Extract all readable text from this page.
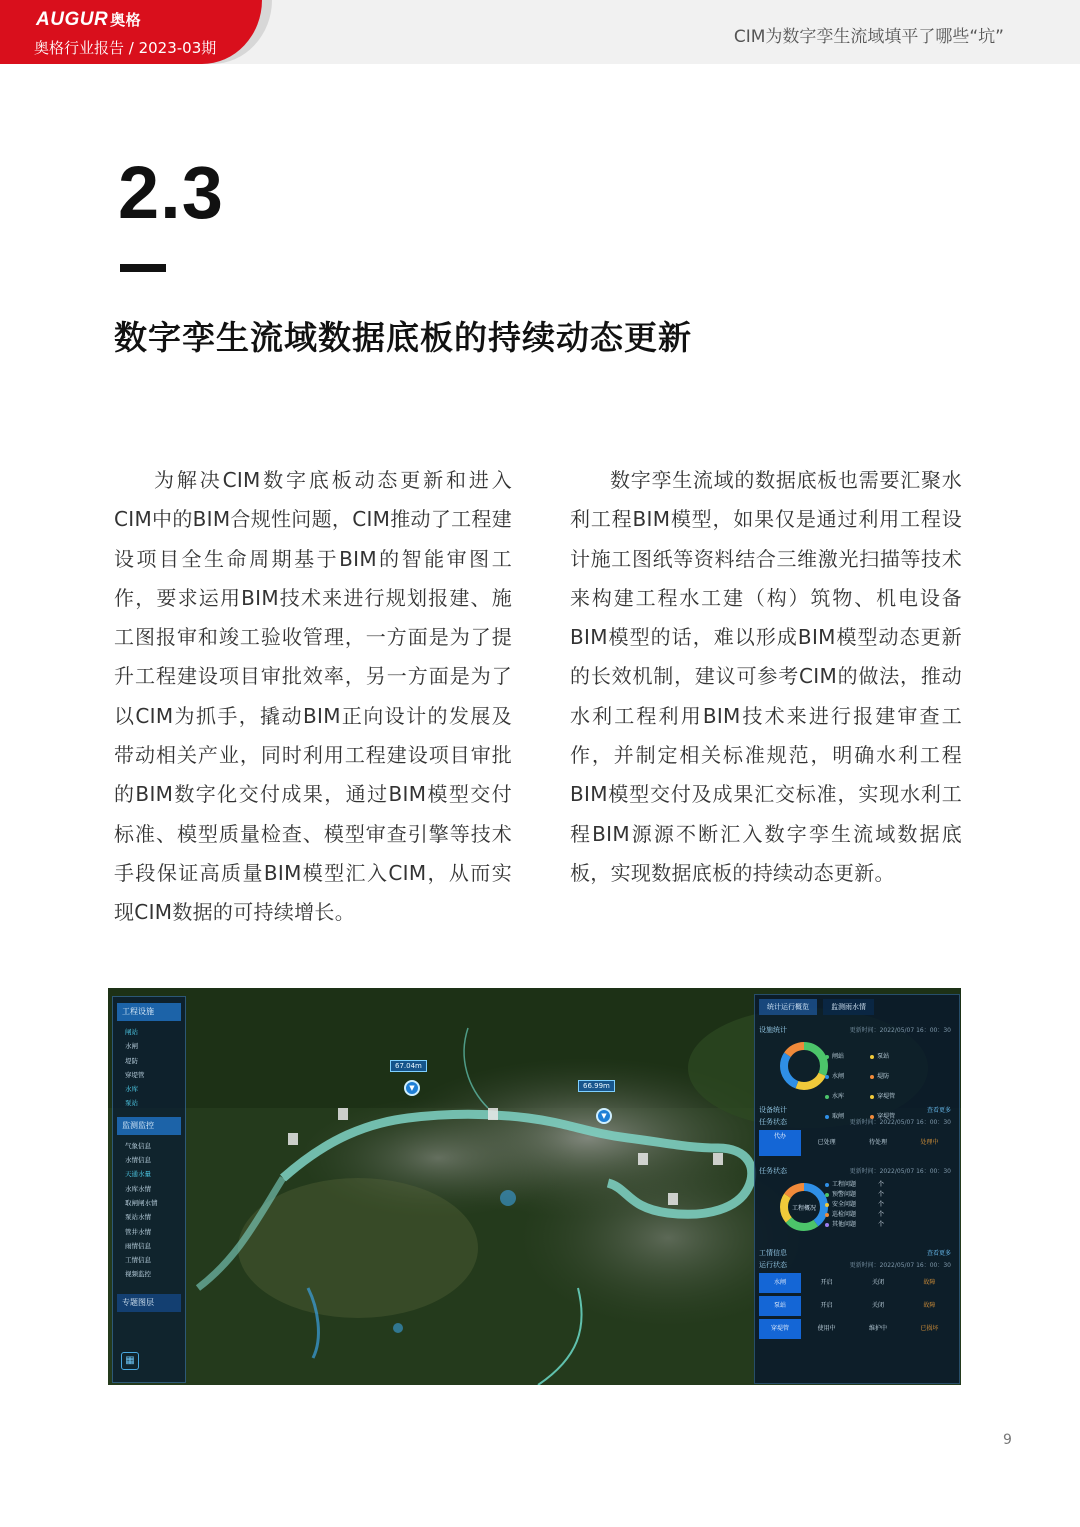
AUGUR 奥格
奥格行业报告 / 2023-03期
CIM为数字孪生流域填平了哪些“坑”
2.3
数字孪生流域数据底板的持续动态更新
为解决CIM数字底板动态更新和进入CIM中的BIM合规性问题，CIM推动了工程建设项目全生命周期基于BIM的智能审图工作，要求运用BIM技术来进行规划报建、施工图报审和竣工验收管理，一方面是为了提升工程建设项目审批效率，另一方面是为了以CIM为抓手，撬动BIM正向设计的发展及带动相关产业，同时利用工程建设项目审批的BIM数字化交付成果，通过BIM模型交付标准、模型质量检查、模型审查引擎等技术手段保证高质量BIM模型汇入CIM，从而实现CIM数据的可持续增长。
数字孪生流域的数据底板也需要汇聚水利工程BIM模型，如果仅是通过利用工程设计施工图纸等资料结合三维激光扫描等技术来构建工程水工建（构）筑物、机电设备BIM模型的话，难以形成BIM模型动态更新的长效机制，建议可参考CIM的做法，推动水利工程利用BIM技术来进行报建审查工作，并制定相关标准规范，明确水利工程BIM模型交付及成果汇交标准，实现水利工程BIM源源不断汇入数字孪生流域数据底板，实现数据底板的持续动态更新。
67.04m
▼	66.99m
▼
工程设施
闸站
水闸
堤防
穿堤管
水库
泵站
监测监控
气象信息
水情信息
天通水量
水库水情
取闸闸水情
泵站水情
管井水情
雨情信息
工情信息
视频监控
专题图层
▦
统计运行概览	监测雨水情
设施统计	更新时间：2022/05/07 16：00：30
闸站	泵站 水闸	堤防 水库	穿堤管 取闸	穿堤管
设备统计	查看更多
任务状态	更新时间：2022/05/07 16：00：30
代办
已处理	待处理	处理中
任务状态	更新时间：2022/05/07 16：00：30
工程概况
工程问题	个
预警问题	个
安全问题	个
巡检问题	个
其他问题	个
工情信息	查看更多
运行状态	更新时间：2022/05/07 16：00：30
水闸	开启	关闭	故障
泵站	开启	关闭	故障
穿堤管	使用中	维护中	已损坏
9
